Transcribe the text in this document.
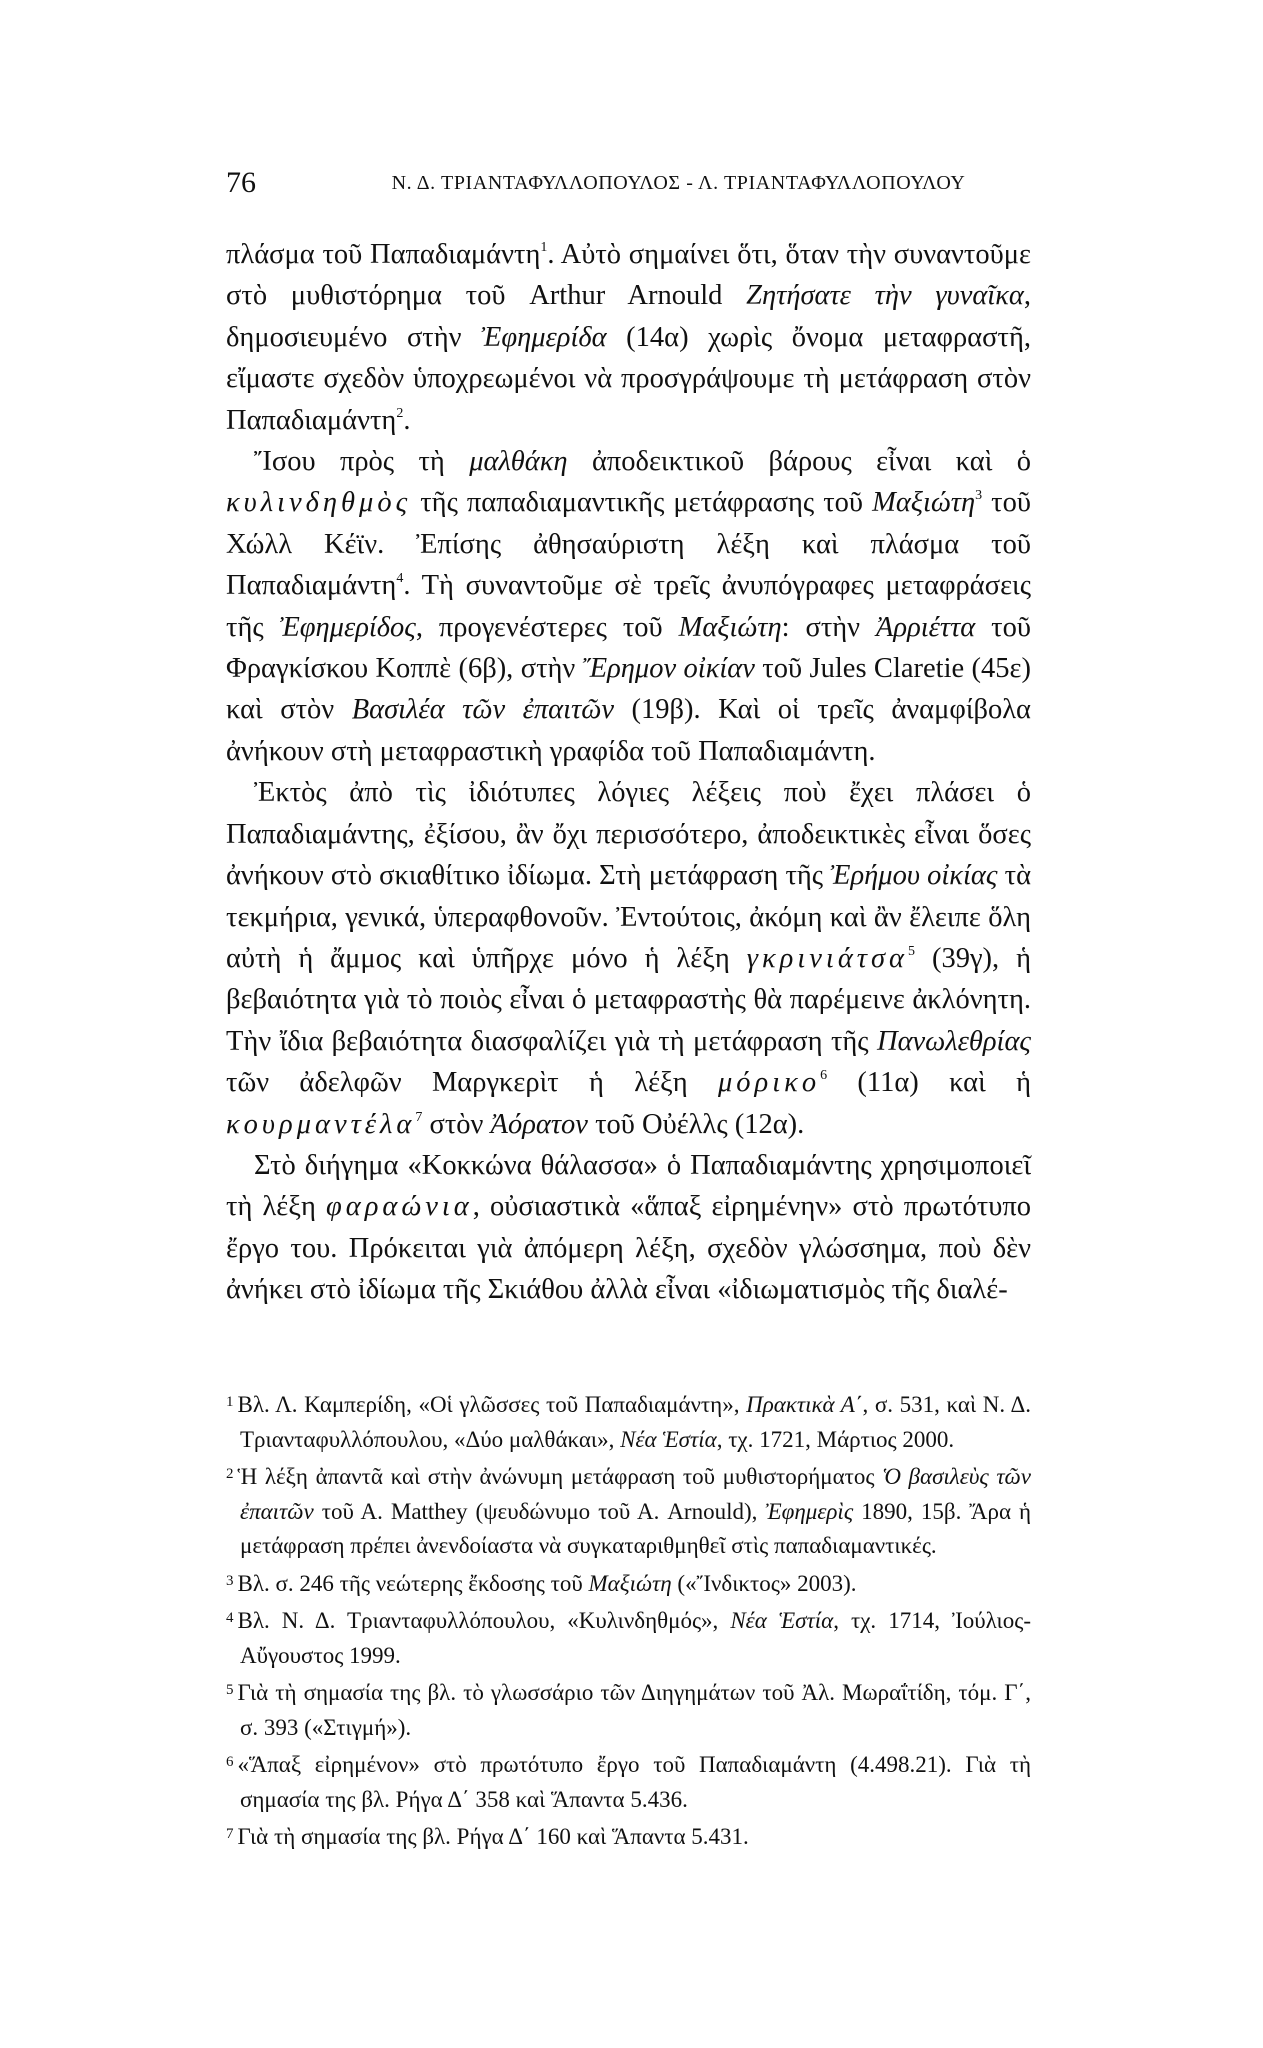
76	Ν. Δ. ΤΡΙΑΝΤΑΦΥΛΛΟΠΟΥΛΟΣ - Λ. ΤΡΙΑΝΤΑΦΥΛΛΟΠΟΥΛΟΥ

πλάσμα τοῦ Παπαδιαμάντη$^1$. Αὐτὸ σημαίνει ὅτι, ὅταν τὴν συναντοῦμε στὸ μυθιστόρημα τοῦ Arthur Arnould Ζητήσατε τὴν γυναῖκα, δημοσιευμένο στὴν Ἐφημερίδα (14α) χωρὶς ὄνομα μεταφραστῆ, εἴμαστε σχεδὸν ὑποχρεωμένοι νὰ προσγράψουμε τὴ μετάφραση στὸν Παπαδιαμάντη$^2$.

Ἴσου πρὸς τὴ μαλθάκη ἀποδεικτικοῦ βάρους εἶναι καὶ ὁ κυλινδηθμὸς τῆς παπαδιαμαντικῆς μετάφρασης τοῦ Μαξιώτη$^3$ τοῦ Χώλλ Κέϊν. Ἐπίσης ἀθησαύριστη λέξη καὶ πλάσμα τοῦ Παπαδιαμάντη$^4$. Τὴ συναντοῦμε σὲ τρεῖς ἀνυπόγραφες μεταφράσεις τῆς Ἐφημερίδος, προγενέστερες τοῦ Μαξιώτη: στὴν Ἀρριέττα τοῦ Φραγκίσκου Κοππὲ (6β), στὴν Ἔρημον οἰκίαν τοῦ Jules Claretie (45ε) καὶ στὸν Βασιλέα τῶν ἐπαιτῶν (19β). Καὶ οἱ τρεῖς ἀναμφίβολα ἀνήκουν στὴ μεταφραστικὴ γραφίδα τοῦ Παπαδιαμάντη.

Ἐκτὸς ἀπὸ τὶς ἰδιότυπες λόγιες λέξεις ποὺ ἔχει πλάσει ὁ Παπαδιαμάντης, ἐξίσου, ἂν ὄχι περισσότερο, ἀποδεικτικὲς εἶναι ὅσες ἀνήκουν στὸ σκιαθίτικο ἰδίωμα. Στὴ μετάφραση τῆς Ἐρήμου οἰκίας τὰ τεκμήρια, γενικά, ὑπεραφθονοῦν. Ἐντούτοις, ἀκόμη καὶ ἂν ἔλειπε ὅλη αὐτὴ ἡ ἄμμος καὶ ὑπῆρχε μόνο ἡ λέξη γκρινιάτσα$^5$ (39γ), ἡ βεβαιότητα γιὰ τὸ ποιὸς εἶναι ὁ μεταφραστὴς θὰ παρέμεινε ἀκλόνητη. Τὴν ἴδια βεβαιότητα διασφαλίζει γιὰ τὴ μετάφραση τῆς Πανωλεθρίας τῶν ἀδελφῶν Μαργκερὶτ ἡ λέξη μόρικο$^6$ (11α) καὶ ἡ κουρμαντέλα$^7$ στὸν Ἀόρατον τοῦ Οὐέλλς (12α).

Στὸ διήγημα «Κοκκώνα θάλασσα» ὁ Παπαδιαμάντης χρησιμοποιεῖ τὴ λέξη φαραώνια, οὐσιαστικὰ «ἅπαξ εἰρημένην» στὸ πρωτότυπο ἔργο του. Πρόκειται γιὰ ἀπόμερη λέξη, σχεδὸν γλώσσημα, ποὺ δὲν ἀνήκει στὸ ἰδίωμα τῆς Σκιάθου ἀλλὰ εἶναι «ἰδιωματισμὸς τῆς διαλέ-

$^1$ Βλ. Λ. Καμπερίδη, «Οἱ γλῶσσες τοῦ Παπαδιαμάντη», Πρακτικὰ Α΄, σ. 531, καὶ Ν. Δ. Τριανταφυλλόπουλου, «Δύο μαλθάκαι», Νέα Ἑστία, τχ. 1721, Μάρτιος 2000.

$^2$ Ἡ λέξη ἀπαντᾶ καὶ στὴν ἀνώνυμη μετάφραση τοῦ μυθιστορήματος Ὁ βασιλεὺς τῶν ἐπαιτῶν τοῦ Α. Matthey (ψευδώνυμο τοῦ Α. Arnould), Ἐφημερὶς 1890, 15β. Ἄρα ἡ μετάφραση πρέπει ἀνενδοίαστα νὰ συγκαταριθμηθεῖ στὶς παπαδιαμαντικές.

$^3$ Βλ. σ. 246 τῆς νεώτερης ἔκδοσης τοῦ Μαξιώτη («Ἴνδικτος» 2003).

$^4$ Βλ. Ν. Δ. Τριανταφυλλόπουλου, «Κυλινδηθμός», Νέα Ἑστία, τχ. 1714, Ἰούλιος-Αὔγουστος 1999.

$^5$ Γιὰ τὴ σημασία της βλ. τὸ γλωσσάριο τῶν Διηγημάτων τοῦ Ἀλ. Μωραΐτίδη, τόμ. Γ΄, σ. 393 («Στιγμή»).

$^6$ «Ἅπαξ εἰρημένον» στὸ πρωτότυπο ἔργο τοῦ Παπαδιαμάντη (4.498.21). Γιὰ τὴ σημασία της βλ. Ρήγα Δ΄ 358 καὶ Ἅπαντα 5.436.

$^7$ Γιὰ τὴ σημασία της βλ. Ρήγα Δ΄ 160 καὶ Ἅπαντα 5.431.
